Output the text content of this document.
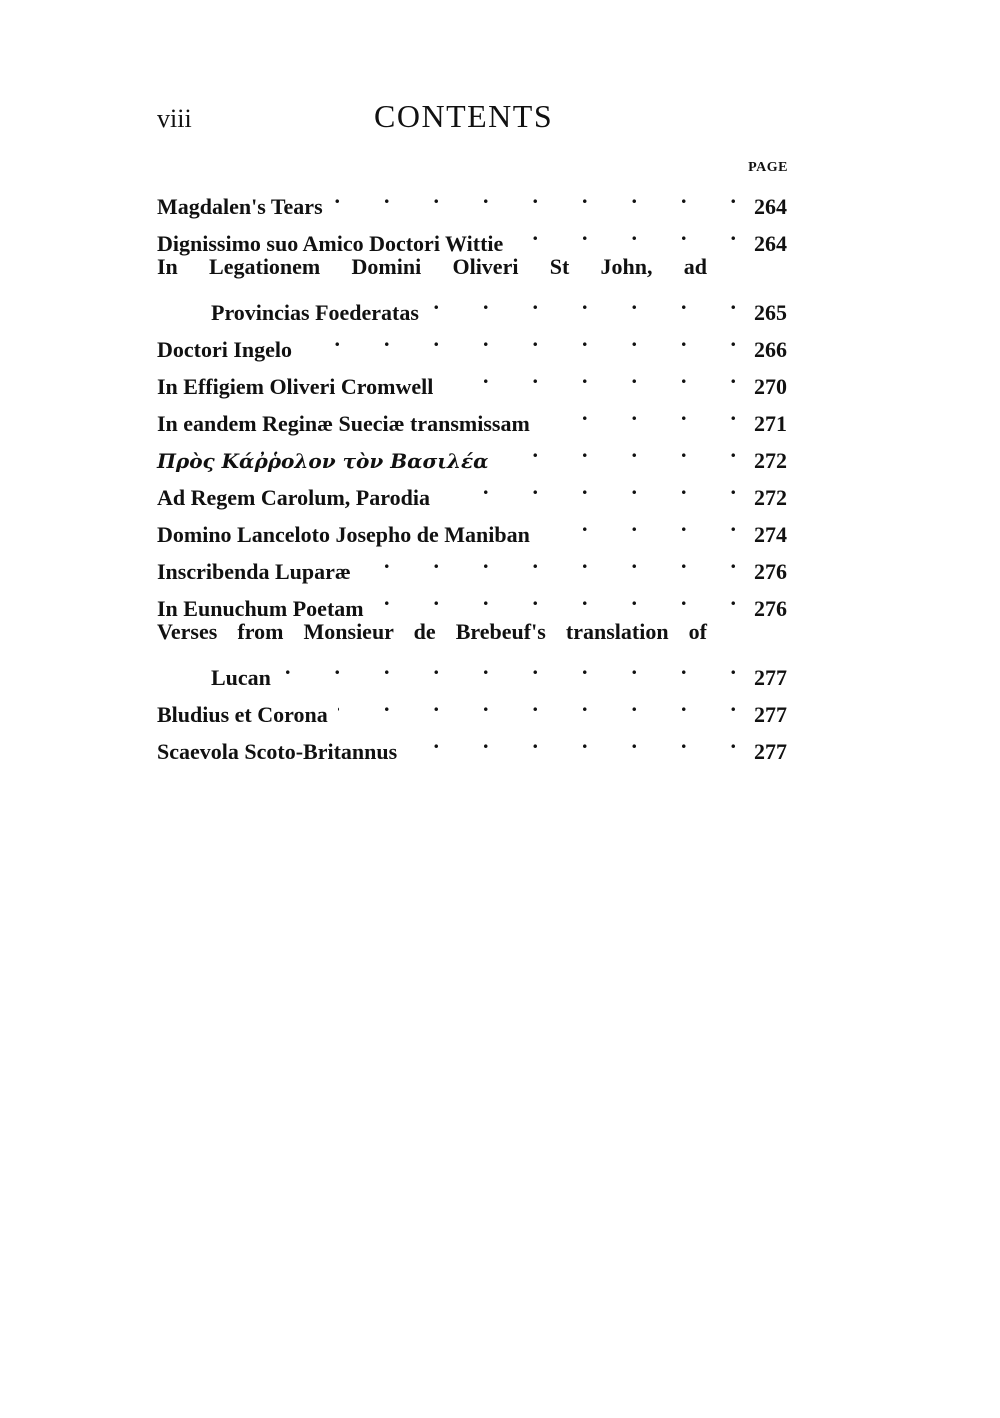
viii	CONTENTS
PAGE
Magdalen's Tears .	264
Dignissimo suo Amico Doctori Wittie .	264
In Legationem Domini Oliveri St John, ad
Provincias Foederatas .	265
Doctori Ingelo .	266
In Effigiem Oliveri Cromwell .	270
In eandem Reginæ Sueciæ transmissam .	271
Πρὸς Κάῤῥολον τὸν Βασιλέα .	272
Ad Regem Carolum, Parodia .	272
Domino Lanceloto Josepho de Maniban .	274
Inscribenda Luparæ .	276
In Eunuchum Poetam .	276
Verses from Monsieur de Brebeuf's translation of
Lucan .	277
Bludius et Corona .	277
Scaevola Scoto-Britannus .	277
